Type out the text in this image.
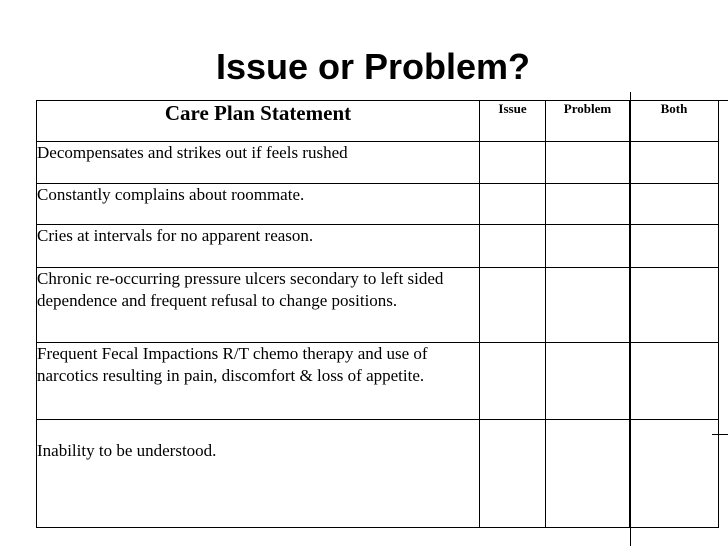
Issue or Problem?
Care Plan Statement	Issue	Problem	Both
Decompensates and strikes out if feels rushed			
Constantly complains about roommate.			
Cries at intervals for no apparent reason.			
Chronic re-occurring pressure ulcers secondary to left sided dependence and frequent refusal to change positions.			
Frequent Fecal Impactions R/T chemo therapy and use of narcotics resulting in pain, discomfort & loss of appetite.			
Inability to be understood.			
